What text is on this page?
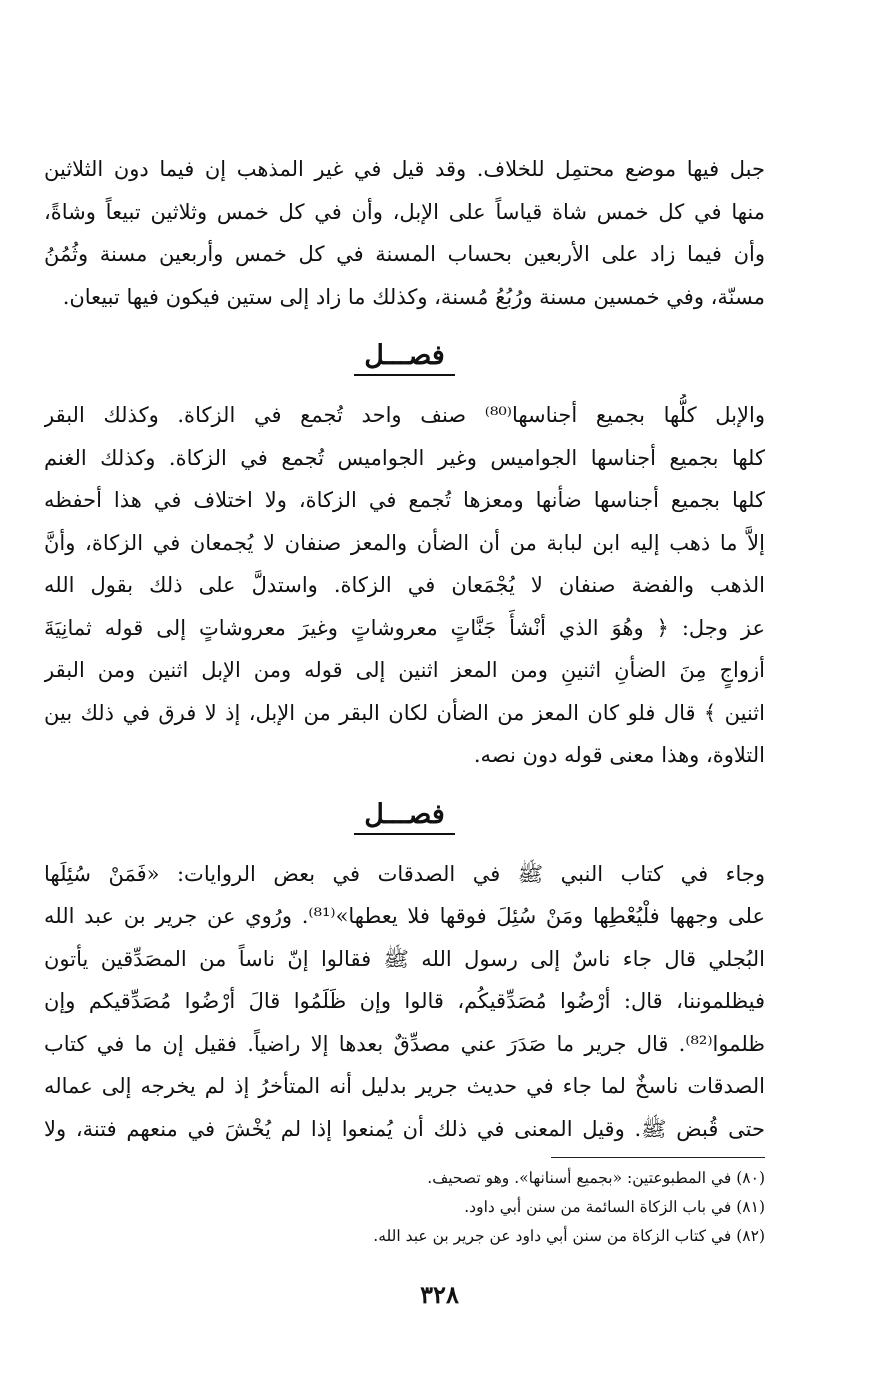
جبل فيها موضع محتمِل للخلاف. وقد قيل في غير المذهب إن فيما دون الثلاثين
منها في كل خمس شاة قياساً على الإبل، وأن في كل خمس وثلاثين تبيعاً وشاةً،
وأن فيما زاد على الأربعين بحساب المسنة في كل خمس وأربعين مسنة وثُمُنُ
مسنّة، وفي خمسين مسنة ورُبُعُ مُسنة، وكذلك ما زاد إلى ستين فيكون فيها تبيعان.
فصـــل
والإبل كلُّها بجميع أجناسها⁽⁸⁰⁾ صنف واحد تُجمع في الزكاة. وكذلك البقر
كلها بجميع أجناسها الجواميس وغير الجواميس تُجمع في الزكاة. وكذلك الغنم
كلها بجميع أجناسها ضأنها ومعزها تُجمع في الزكاة، ولا اختلاف في هذا أحفظه
إلاَّ ما ذهب إليه ابن لبابة من أن الضأن والمعز صنفان لا يُجمعان في الزكاة، وأنَّ
الذهب والفضة صنفان لا يُجْمَعان في الزكاة. واستدلَّ على ذلك بقول الله
عز وجل: ﴿ وهُوَ الذي أنْشأَ جَنَّاتٍ معروشاتٍ وغيرَ معروشاتٍ إلى قوله ثمانِيَةَ
أزواجٍ مِنَ الضأنِ اثنينِ ومن المعز اثنين إلى قوله ومن الإبل اثنين ومن البقر
اثنين ﴾ قال فلو كان المعز من الضأن لكان البقر من الإبل، إذ لا فرق في ذلك بين
التلاوة، وهذا معنى قوله دون نصه.
فصـــل
وجاء في كتاب النبي ﷺ في الصدقات في بعض الروايات: «فَمَنْ سُئِلَها
على وجهها فلْيُعْطِها ومَنْ سُئِلَ فوقها فلا يعطها»⁽⁸¹⁾. ورُوي عن جرير بن عبد الله
البُجلي قال جاء ناسٌ إلى رسول الله ﷺ فقالوا إنّ ناساً من المصَدِّقين يأتون
فيظلموننا، قال: أرْضُوا مُصَدِّقيكُم، قالوا وإن ظَلَمُوا قالَ أرْضُوا مُصَدِّقيكم وإن
ظلموا⁽⁸²⁾. قال جرير ما صَدَرَ عني مصدِّقٌ بعدها إلا راضياً. فقيل إن ما في كتاب
الصدقات ناسخٌ لما جاء في حديث جرير بدليل أنه المتأخرُ إذ لم يخرجه إلى عماله
حتى قُبض ﷺ. وقيل المعنى في ذلك أن يُمنعوا إذا لم يُخْشَ في منعهم فتنة، ولا
(٨٠) في المطبوعتين: «بجميع أسنانها». وهو تصحيف.
(٨١) في باب الزكاة السائمة من سنن أبي داود.
(٨٢) في كتاب الزكاة من سنن أبي داود عن جرير بن عبد الله.
٣٢٨
